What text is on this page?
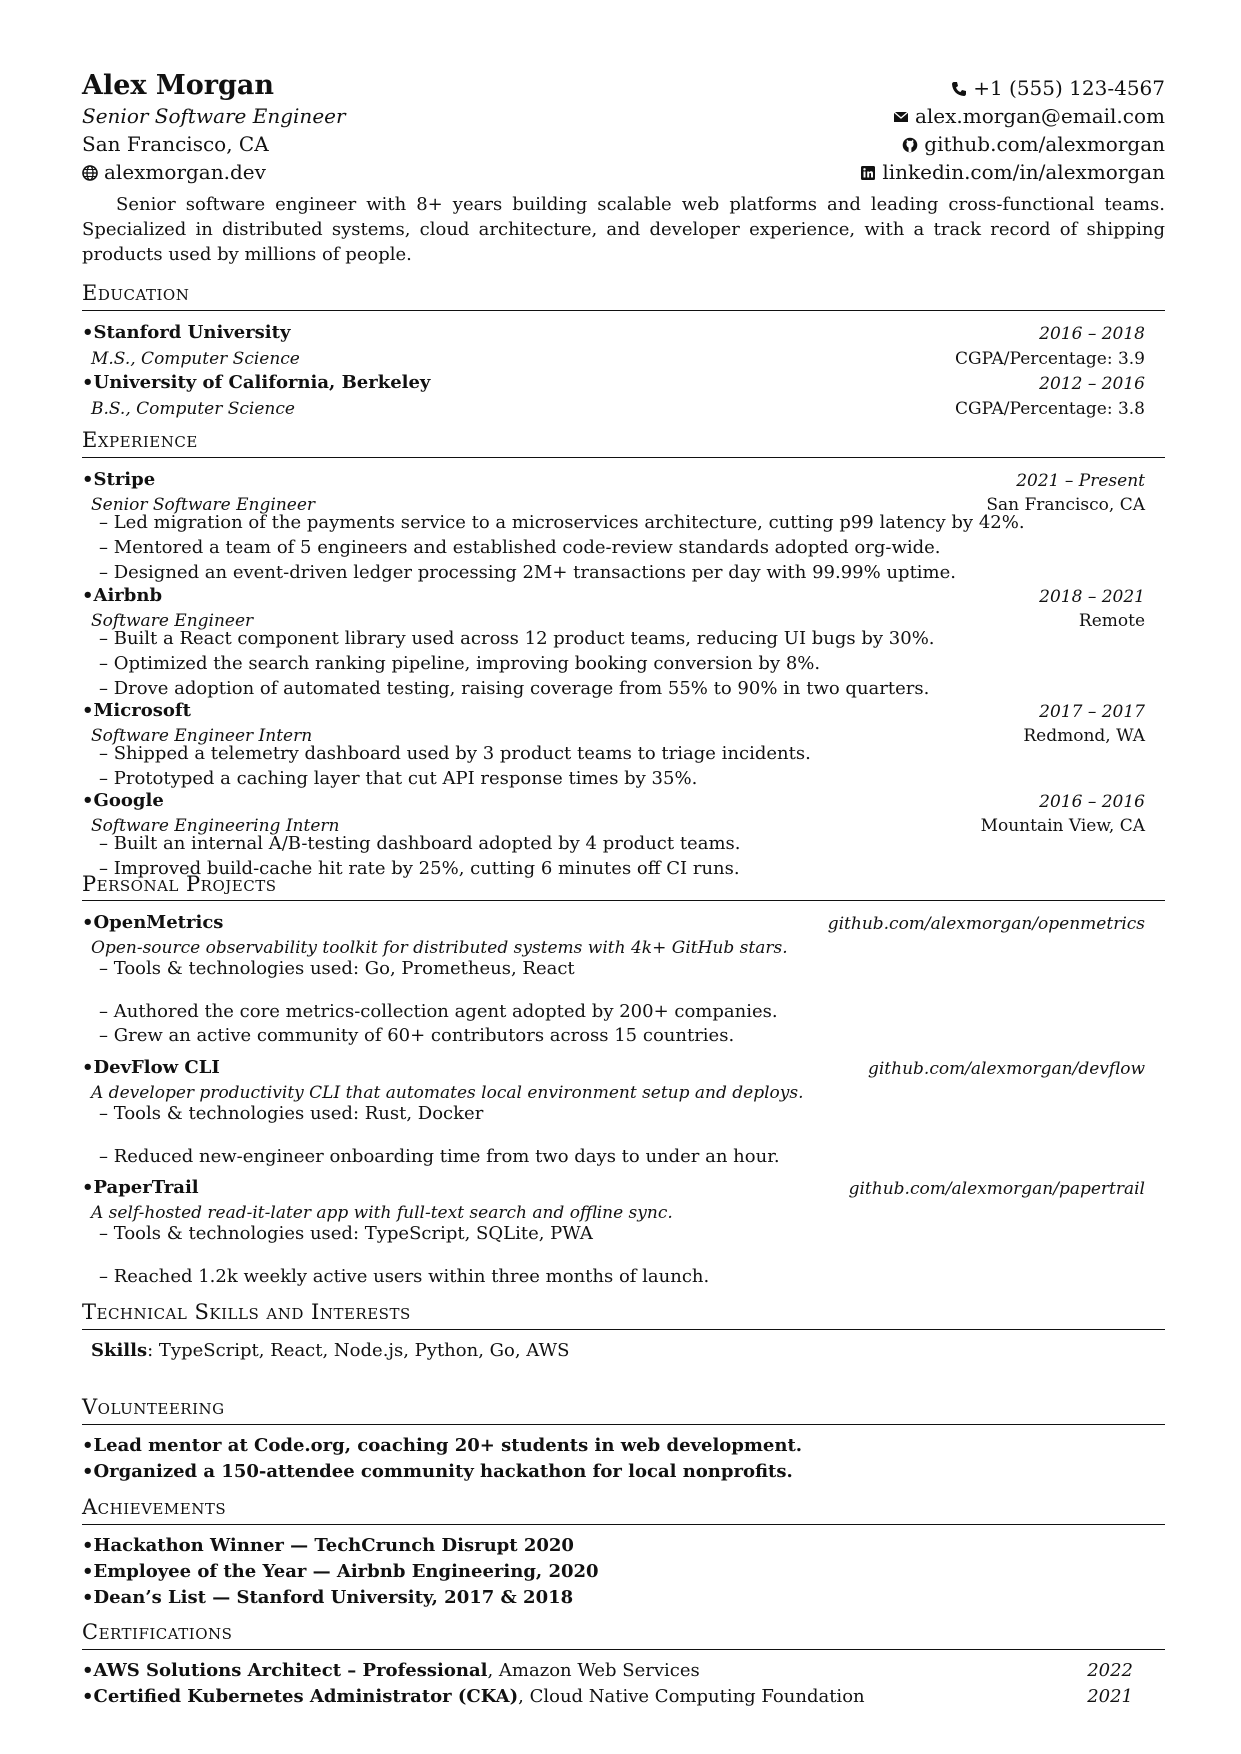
Alex Morgan
Senior Software Engineer
San Francisco, CA
alexmorgan.dev
+1 (555) 123-4567
alex.morgan@email.com
github.com/alexmorgan
linkedin.com/in/alexmorgan
Senior software engineer with 8+ years building scalable web platforms and leading cross-functional teams. Specialized in distributed systems, cloud architecture, and developer experience, with a track record of shipping products used by millions of people.
Education
•Stanford University	2016 – 2018
M.S., Computer Science	CGPA/Percentage: 3.9
•University of California, Berkeley	2012 – 2016
B.S., Computer Science	CGPA/Percentage: 3.8
Experience
•Stripe	2021 – Present
Senior Software Engineer	San Francisco, CA
– Led migration of the payments service to a microservices architecture, cutting p99 latency by 42%.
– Mentored a team of 5 engineers and established code-review standards adopted org-wide.
– Designed an event-driven ledger processing 2M+ transactions per day with 99.99% uptime.
•Airbnb	2018 – 2021
Software Engineer	Remote
– Built a React component library used across 12 product teams, reducing UI bugs by 30%.
– Optimized the search ranking pipeline, improving booking conversion by 8%.
– Drove adoption of automated testing, raising coverage from 55% to 90% in two quarters.
•Microsoft	2017 – 2017
Software Engineer Intern	Redmond, WA
– Shipped a telemetry dashboard used by 3 product teams to triage incidents.
– Prototyped a caching layer that cut API response times by 35%.
•Google	2016 – 2016
Software Engineering Intern	Mountain View, CA
– Built an internal A/B-testing dashboard adopted by 4 product teams.
– Improved build-cache hit rate by 25%, cutting 6 minutes off CI runs.
Personal Projects
•OpenMetrics	github.com/alexmorgan/openmetrics
Open-source observability toolkit for distributed systems with 4k+ GitHub stars.
– Tools & technologies used: Go, Prometheus, React
– Authored the core metrics-collection agent adopted by 200+ companies.
– Grew an active community of 60+ contributors across 15 countries.
•DevFlow CLI	github.com/alexmorgan/devflow
A developer productivity CLI that automates local environment setup and deploys.
– Tools & technologies used: Rust, Docker
– Reduced new-engineer onboarding time from two days to under an hour.
•PaperTrail	github.com/alexmorgan/papertrail
A self-hosted read-it-later app with full-text search and offline sync.
– Tools & technologies used: TypeScript, SQLite, PWA
– Reached 1.2k weekly active users within three months of launch.
Technical Skills and Interests
Skills: TypeScript, React, Node.js, Python, Go, AWS
Volunteering
•Lead mentor at Code.org, coaching 20+ students in web development.
•Organized a 150-attendee community hackathon for local nonprofits.
Achievements
•Hackathon Winner — TechCrunch Disrupt 2020
•Employee of the Year — Airbnb Engineering, 2020
•Dean’s List — Stanford University, 2017 & 2018
Certifications
•AWS Solutions Architect – Professional, Amazon Web Services	2022
•Certified Kubernetes Administrator (CKA), Cloud Native Computing Foundation	2021
